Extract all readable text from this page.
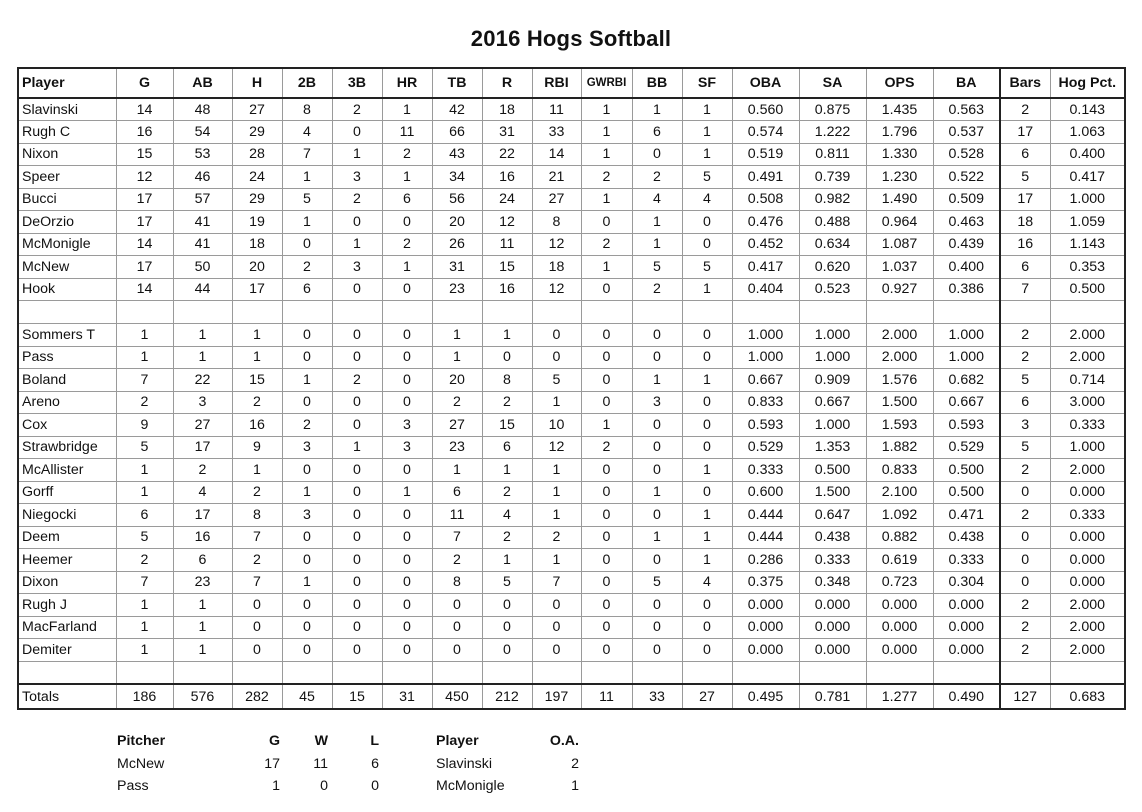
2016 Hogs Softball
Player	G	AB	H	2B	3B	HR	TB	R	RBI	GWRBI	BB	SF	OBA	SA	OPS	BA	Bars	Hog Pct.
Slavinski	14	48	27	8	2	1	42	18	11	1	1	1	0.560	0.875	1.435	0.563	2	0.143
Rugh C	16	54	29	4	0	11	66	31	33	1	6	1	0.574	1.222	1.796	0.537	17	1.063
Nixon	15	53	28	7	1	2	43	22	14	1	0	1	0.519	0.811	1.330	0.528	6	0.400
Speer	12	46	24	1	3	1	34	16	21	2	2	5	0.491	0.739	1.230	0.522	5	0.417
Bucci	17	57	29	5	2	6	56	24	27	1	4	4	0.508	0.982	1.490	0.509	17	1.000
DeOrzio	17	41	19	1	0	0	20	12	8	0	1	0	0.476	0.488	0.964	0.463	18	1.059
McMonigle	14	41	18	0	1	2	26	11	12	2	1	0	0.452	0.634	1.087	0.439	16	1.143
McNew	17	50	20	2	3	1	31	15	18	1	5	5	0.417	0.620	1.037	0.400	6	0.353
Hook	14	44	17	6	0	0	23	16	12	0	2	1	0.404	0.523	0.927	0.386	7	0.500

Sommers T	1	1	1	0	0	0	1	1	0	0	0	0	1.000	1.000	2.000	1.000	2	2.000
Pass	1	1	1	0	0	0	1	0	0	0	0	0	1.000	1.000	2.000	1.000	2	2.000
Boland	7	22	15	1	2	0	20	8	5	0	1	1	0.667	0.909	1.576	0.682	5	0.714
Areno	2	3	2	0	0	0	2	2	1	0	3	0	0.833	0.667	1.500	0.667	6	3.000
Cox	9	27	16	2	0	3	27	15	10	1	0	0	0.593	1.000	1.593	0.593	3	0.333
Strawbridge	5	17	9	3	1	3	23	6	12	2	0	0	0.529	1.353	1.882	0.529	5	1.000
McAllister	1	2	1	0	0	0	1	1	1	0	0	1	0.333	0.500	0.833	0.500	2	2.000
Gorff	1	4	2	1	0	1	6	2	1	0	1	0	0.600	1.500	2.100	0.500	0	0.000
Niegocki	6	17	8	3	0	0	11	4	1	0	0	1	0.444	0.647	1.092	0.471	2	0.333
Deem	5	16	7	0	0	0	7	2	2	0	1	1	0.444	0.438	0.882	0.438	0	0.000
Heemer	2	6	2	0	0	0	2	1	1	0	0	1	0.286	0.333	0.619	0.333	0	0.000
Dixon	7	23	7	1	0	0	8	5	7	0	5	4	0.375	0.348	0.723	0.304	0	0.000
Rugh J	1	1	0	0	0	0	0	0	0	0	0	0	0.000	0.000	0.000	0.000	2	2.000
MacFarland	1	1	0	0	0	0	0	0	0	0	0	0	0.000	0.000	0.000	0.000	2	2.000
Demiter	1	1	0	0	0	0	0	0	0	0	0	0	0.000	0.000	0.000	0.000	2	2.000

Totals	186	576	282	45	15	31	450	212	197	11	33	27	0.495	0.781	1.277	0.490	127	0.683
Pitcher	G	W	L
McNew	17	11	6
Pass	1	0	0
Player	O.A.
Slavinski	2
McMonigle	1
